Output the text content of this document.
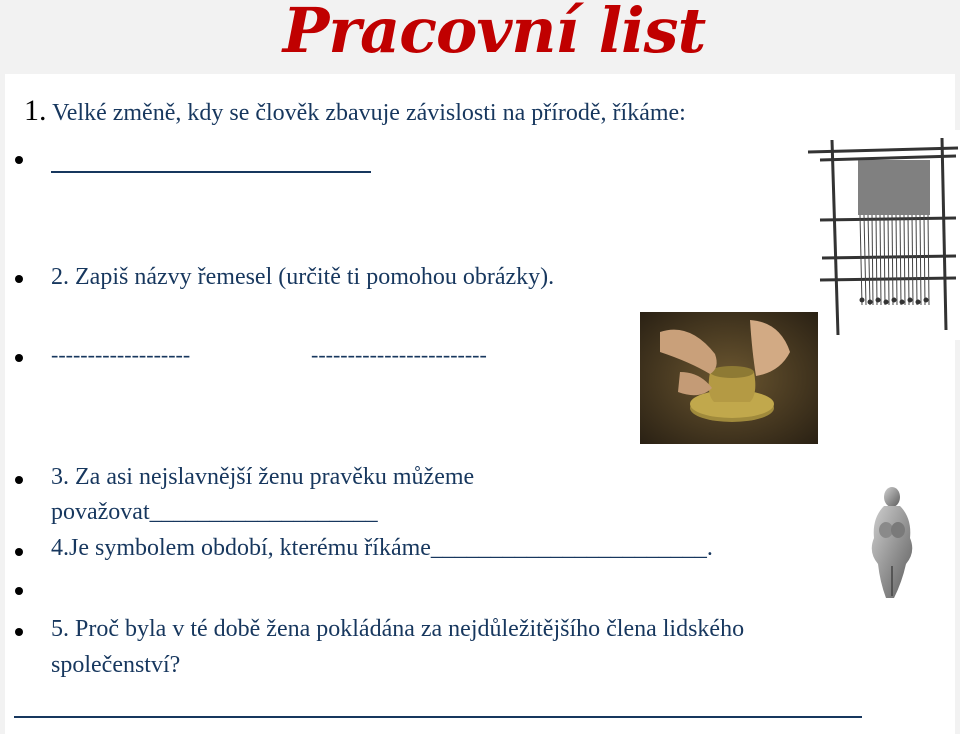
Pracovní list
1. Velké změně, kdy se člověk zbavuje závislosti na přírodě, říkáme:
2. Zapiš názvy řemesel (určitě ti pomohou obrázky).
-------------------	------------------------
3. Za asi nejslavnější ženu pravěku můžeme
považovat___________________
4.Je symbolem období, kterému říkáme_______________________.
5. Proč byla v té době žena pokládána za nejdůležitějšího člena lidského
společenství?
